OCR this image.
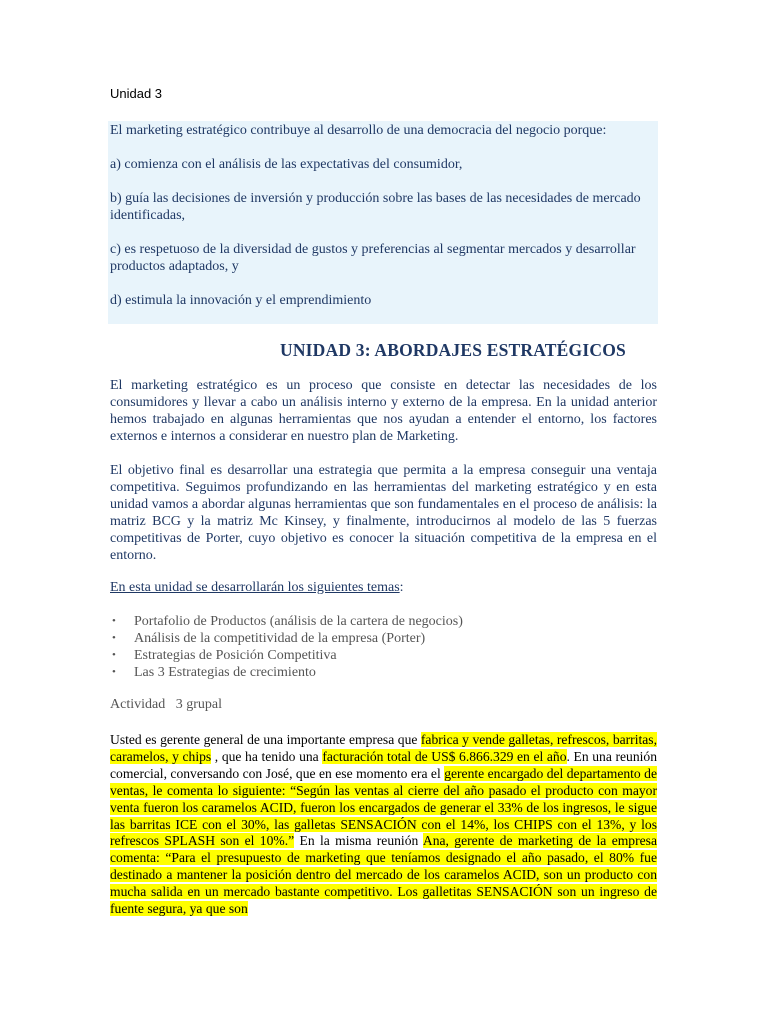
Unidad 3

El marketing estratégico contribuye al desarrollo de una democracia del negocio porque:

a) comienza con el análisis de las expectativas del consumidor,

b) guía las decisiones de inversión y producción sobre las bases de las necesidades de mercado identificadas,

c) es respetuoso de la diversidad de gustos y preferencias al segmentar mercados y desarrollar productos adaptados, y

d) estimula la innovación y el emprendimiento

UNIDAD 3: ABORDAJES ESTRATÉGICOS

El marketing estratégico es un proceso que consiste en detectar las necesidades de los consumidores y llevar a cabo un análisis interno y externo de la empresa. En la unidad anterior hemos trabajado en algunas herramientas que nos ayudan a entender el entorno, los factores externos e internos a considerar en nuestro plan de Marketing.

El objetivo final es desarrollar una estrategia que permita a la empresa conseguir una ventaja competitiva. Seguimos profundizando en las herramientas del marketing estratégico y en esta unidad vamos a abordar algunas herramientas que son fundamentales en el proceso de análisis: la matriz BCG y la matriz Mc Kinsey, y finalmente, introducirnos al modelo de las 5 fuerzas competitivas de Porter, cuyo objetivo es conocer la situación competitiva de la empresa en el entorno.

En esta unidad se desarrollarán los siguientes temas:
• Portafolio de Productos (análisis de la cartera de negocios)
• Análisis de la competitividad de la empresa (Porter)
• Estrategias de Posición Competitiva
• Las 3 Estrategias de crecimiento
Actividad   3 grupal

Usted es gerente general de una importante empresa que fabrica y vende galletas, refrescos, barritas, caramelos, y chips , que ha tenido una facturación total de US$ 6.866.329 en el año. En una reunión comercial, conversando con José, que en ese momento era el gerente encargado del departamento de ventas, le comenta lo siguiente: “Según las ventas al cierre del año pasado el producto con mayor venta fueron los caramelos ACID, fueron los encargados de generar el 33% de los ingresos, le sigue las barritas ICE con el 30%, las galletas SENSACIÓN con el 14%, los CHIPS con el 13%, y los refrescos SPLASH son el 10%.” En la misma reunión Ana, gerente de marketing de la empresa comenta: “Para el presupuesto de marketing que teníamos designado el año pasado, el 80% fue destinado a mantener la posición dentro del mercado de los caramelos ACID, son un producto con mucha salida en un mercado bastante competitivo. Los galletitas SENSACIÓN son un ingreso de fuente segura, ya que son
